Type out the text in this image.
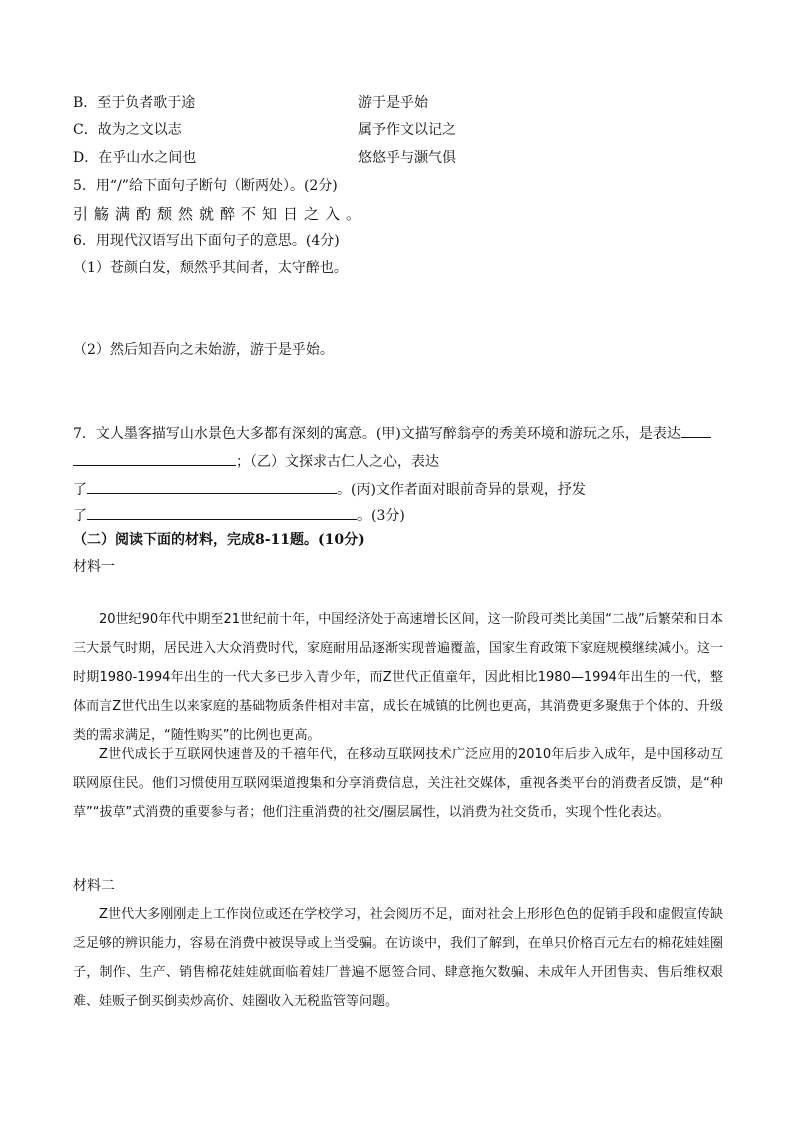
B．至于负者歌于途	游于是乎始
C．故为之文以志	属予作文以记之
D．在乎山水之间也	悠悠乎与灏气俱
5．用“/”给下面句子断句（断两处）。(2分)
引觞满酌颓然就醉不知日之入。
6．用现代汉语写出下面句子的意思。(4分)
（1）苍颜白发，颓然乎其间者，太守醉也。
（2）然后知吾向之未始游，游于是乎始。
7．文人墨客描写山水景色大多都有深刻的寓意。(甲)文描写醉翁亭的秀美环境和游玩之乐，是表达
；（乙）文探求古仁人之心，表达
了	。(丙)文作者面对眼前奇异的景观，抒发
了	。(3分)
（二）阅读下面的材料，完成8-11题。(10分)
材料一
20世纪90年代中期至21世纪前十年，中国经济处于高速增长区间，这一阶段可类比美国“二战”后繁荣和日本三大景气时期，居民进入大众消费时代，家庭耐用品逐渐实现普遍覆盖，国家生育政策下家庭规模继续减小。这一时期1980-1994年出生的一代大多已步入青少年，而Z世代正值童年，因此相比1980—1994年出生的一代，整体而言Z世代出生以来家庭的基础物质条件相对丰富，成长在城镇的比例也更高，其消费更多聚焦于个体的、升级类的需求满足，“随性购买”的比例也更高。
Z世代成长于互联网快速普及的千禧年代，在移动互联网技术广泛应用的2010年后步入成年，是中国移动互联网原住民。他们习惯使用互联网渠道搜集和分享消费信息，关注社交媒体，重视各类平台的消费者反馈，是“种草”“拔草”式消费的重要参与者；他们注重消费的社交/圈层属性，以消费为社交货币，实现个性化表达。
材料二
Z世代大多刚刚走上工作岗位或还在学校学习，社会阅历不足，面对社会上形形色色的促销手段和虚假宣传缺乏足够的辨识能力，容易在消费中被误导或上当受骗。在访谈中，我们了解到，在单只价格百元左右的棉花娃娃圈子，制作、生产、销售棉花娃娃就面临着娃厂普遍不愿签合同、肆意拖欠数骗、未成年人开团售卖、售后维权艰难、娃贩子倒买倒卖炒高价、娃圈收入无税监管等问题。
